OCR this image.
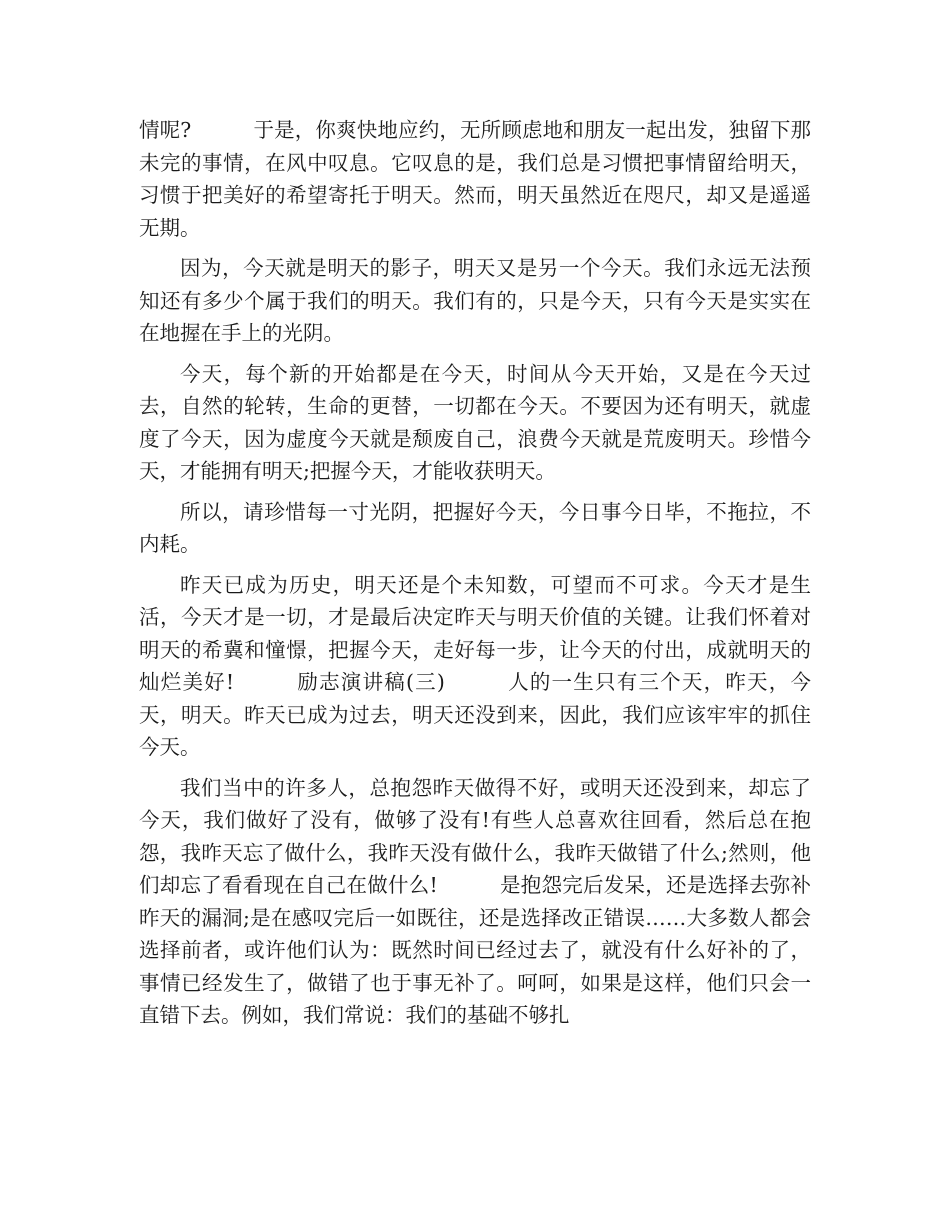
情呢?	于是，你爽快地应约，无所顾虑地和朋友一起出发，独留下那未完的事情，在风中叹息。它叹息的是，我们总是习惯把事情留给明天，习惯于把美好的希望寄托于明天。然而，明天虽然近在咫尺，却又是遥遥无期。

因为，今天就是明天的影子，明天又是另一个今天。我们永远无法预知还有多少个属于我们的明天。我们有的，只是今天，只有今天是实实在在地握在手上的光阴。

今天，每个新的开始都是在今天，时间从今天开始，又是在今天过去，自然的轮转，生命的更替，一切都在今天。不要因为还有明天，就虚度了今天，因为虚度今天就是颓废自己，浪费今天就是荒废明天。珍惜今天，才能拥有明天;把握今天，才能收获明天。

所以，请珍惜每一寸光阴，把握好今天，今日事今日毕，不拖拉，不内耗。

昨天已成为历史，明天还是个未知数，可望而不可求。今天才是生活，今天才是一切，才是最后决定昨天与明天价值的关键。让我们怀着对明天的希冀和憧憬，把握今天，走好每一步，让今天的付出，成就明天的灿烂美好!	励志演讲稿(三)	人的一生只有三个天，昨天，今天，明天。昨天已成为过去，明天还没到来，因此，我们应该牢牢的抓住今天。

我们当中的许多人，总抱怨昨天做得不好，或明天还没到来，却忘了今天，我们做好了没有，做够了没有!有些人总喜欢往回看，然后总在抱怨，我昨天忘了做什么，我昨天没有做什么，我昨天做错了什么;然则，他们却忘了看看现在自己在做什么!	是抱怨完后发呆，还是选择去弥补昨天的漏洞;是在感叹完后一如既往，还是选择改正错误……大多数人都会选择前者，或许他们认为：既然时间已经过去了，就没有什么好补的了，事情已经发生了，做错了也于事无补了。呵呵，如果是这样，他们只会一直错下去。例如，我们常说：我们的基础不够扎
